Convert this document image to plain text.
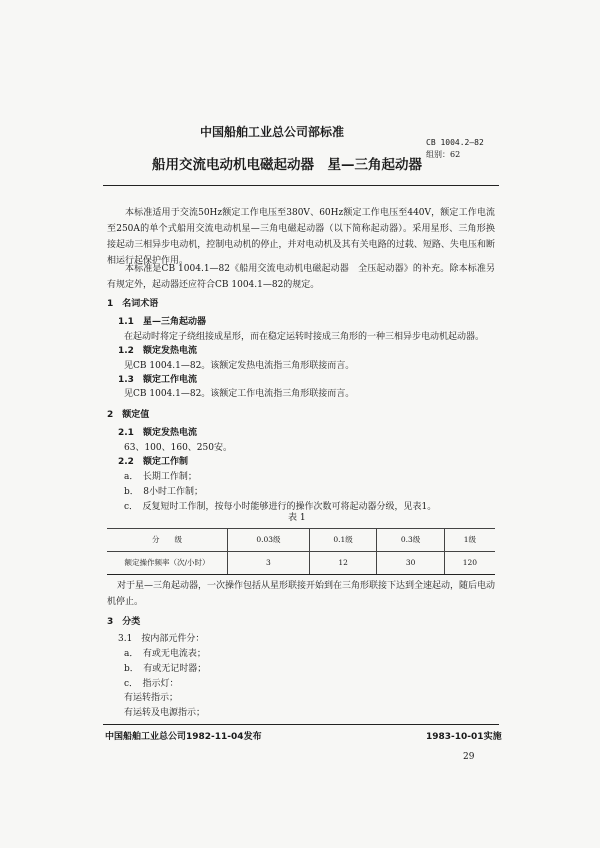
中国船舶工业总公司部标准
CB 1004.2—82
船用交流电动机电磁起动器　星—三角起动器
组别：62
本标准适用于交流50Hz额定工作电压至380V、60Hz额定工作电压至440V，额定工作电流至250A的单个式船用交流电动机星—三角电磁起动器（以下简称起动器）。采用星形、三角形换接起动三相异步电动机，控制电动机的停止，并对电动机及其有关电路的过载、短路、失电压和断相运行起保护作用。
本标准是CB 1004.1—82《船用交流电动机电磁起动器　全压起动器》的补充。除本标准另有规定外，起动器还应符合CB 1004.1—82的规定。
1　名词术语
1.1　星—三角起动器
在起动时将定子绕组接成星形，而在稳定运转时接成三角形的一种三相异步电动机起动器。
1.2　额定发热电流
见CB 1004.1—82。该额定发热电流指三角形联接而言。
1.3　额定工作电流
见CB 1004.1—82。该额定工作电流指三角形联接而言。
2　额定值
2.1　额定发热电流
63、100、160、250安。
2.2　额定工作制
a．　长期工作制；
b．　8小时工作制；
c．　反复短时工作制，按每小时能够进行的操作次数可将起动器分级，见表1。
表 1
分　　级	0.03级	0.1级	0.3级	1级
额定操作频率（次/小时）	3	12	30	120
对于星—三角起动器，一次操作包括从星形联接开始到在三角形联接下达到全速起动，随后电动机停止。
3　分类
3.1　按内部元件分：
a．　有或无电流表；
b．　有或无记时器；
c．　指示灯：
有运转指示；
有运转及电源指示；
中国船舶工业总公司1982-11-04发布	1983-10-01实施
29
